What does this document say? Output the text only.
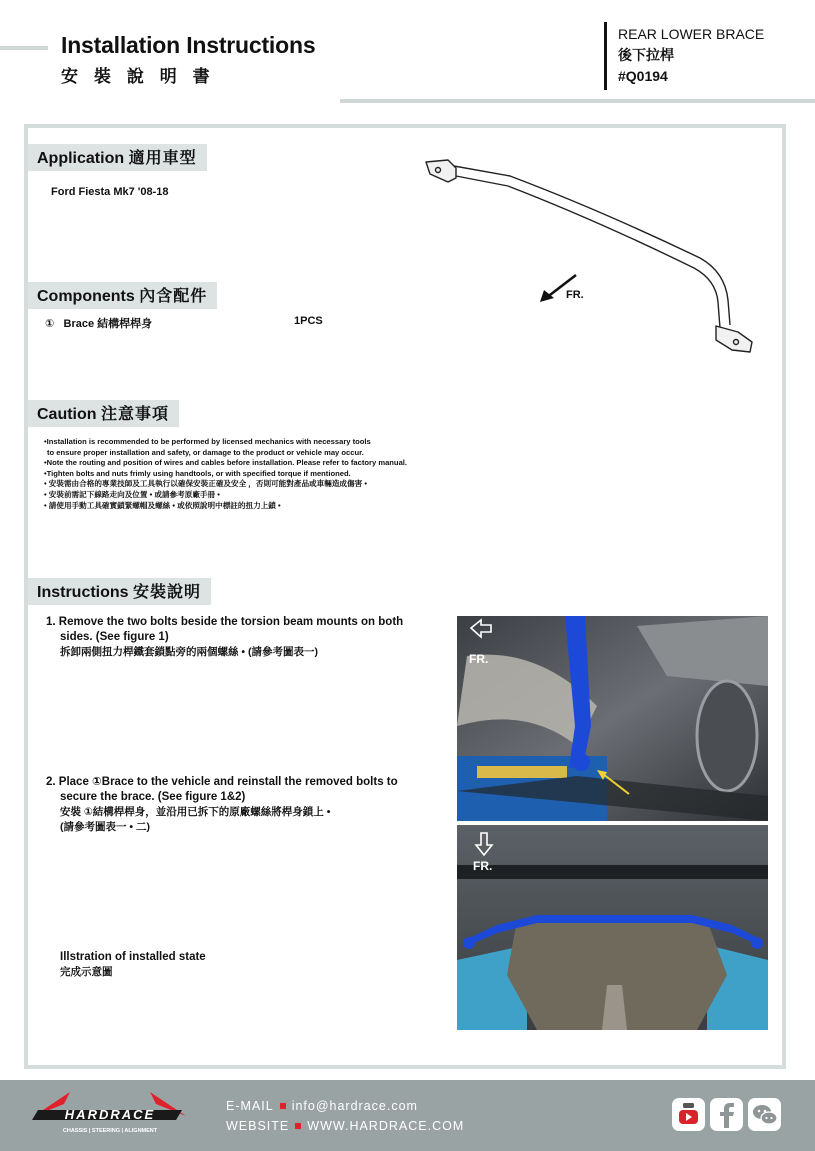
Installation Instructions
安 裝 說 明 書
REAR LOWER BRACE
後下拉桿
#Q0194
Application 適用車型
Ford Fiesta Mk7 '08-18
FR.
Components 內含配件
① Brace 結構桿桿身	1PCS
Caution 注意事項
•Installation is recommended to be performed by licensed mechanics with necessary tools
to ensure proper installation and safety, or damage to the product or vehicle may occur.
•Note the routing and position of wires and cables before installation. Please refer to factory manual.
•Tighten bolts and nuts frimly using handtools, or with specified torque if mentioned.
• 安裝需由合格的專業技師及工具執行以確保安裝正確及安全 ，否則可能對產品或車輛造成傷害 •
• 安裝前需記下線路走向及位置 • 或請參考原廠手冊 •
• 請使用手動工具確實鎖緊螺帽及螺絲 • 或依照說明中標註的扭力上鎖 •
Instructions 安裝說明
1. Remove the two bolts beside the torsion beam mounts on both
sides. (See figure 1)
拆卸兩側扭力桿鐵套鎖點旁的兩個螺絲 • (請參考圖表一)
2. Place ①Brace to the vehicle and reinstall the removed bolts to
secure the brace. (See figure 1&2)
安裝 ①結構桿桿身，並沿用已拆下的原廠螺絲將桿身鎖上 •
(請參考圖表一 • 二)
Illstration of installed state
完成示意圖
FR.
FR.
HARDRACE
CHASSIS | STEERING | ALIGNMENT
E-MAIL info@hardrace.com
WEBSITE WWW.HARDRACE.COM
